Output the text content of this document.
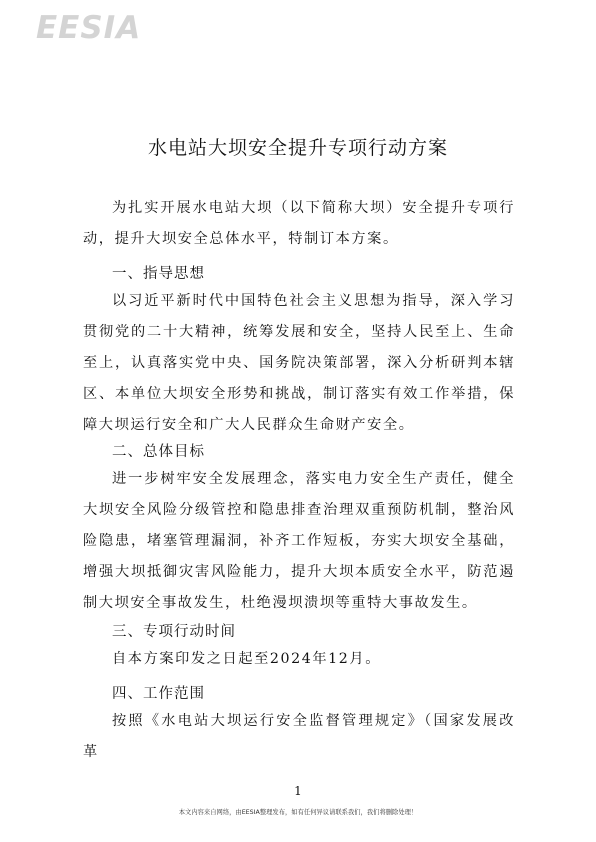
EESIA
水电站大坝安全提升专项行动方案
为扎实开展水电站大坝（以下简称大坝）安全提升专项行动，提升大坝安全总体水平，特制订本方案。
一、指导思想
以习近平新时代中国特色社会主义思想为指导，深入学习贯彻党的二十大精神，统筹发展和安全，坚持人民至上、生命至上，认真落实党中央、国务院决策部署，深入分析研判本辖区、本单位大坝安全形势和挑战，制订落实有效工作举措，保障大坝运行安全和广大人民群众生命财产安全。
二、总体目标
进一步树牢安全发展理念，落实电力安全生产责任，健全大坝安全风险分级管控和隐患排查治理双重预防机制，整治风险隐患，堵塞管理漏洞，补齐工作短板，夯实大坝安全基础，增强大坝抵御灾害风险能力，提升大坝本质安全水平，防范遏制大坝安全事故发生，杜绝漫坝溃坝等重特大事故发生。
三、专项行动时间
自本方案印发之日起至2024年12月。
四、工作范围
按照《水电站大坝运行安全监督管理规定》（国家发展改革
1
本文内容来自网络，由EESIA整理发布，如有任何异议请联系我们，我们将删除处理！
